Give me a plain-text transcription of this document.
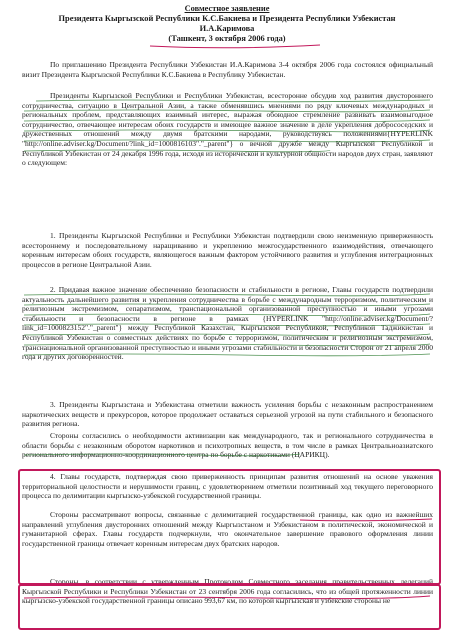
Совместное заявление
Президента Кыргызской Республики К.С.Бакиева и Президента Республики Узбекистан
И.А.Каримова
(Ташкент, 3 октября 2006 года)
По приглашению Президента Республики Узбекистан И.А.Каримова 3-4 октября 2006 года состоялся официальный визит Президента Кыргызской Республики К.С.Бакиева в Республику Узбекистан.
Президенты Кыргызской Республики и Республики Узбекистан, всесторонне обсудив ход развития двустороннего сотрудничества, ситуацию в Центральной Азии, а также обменявшись мнениями по ряду ключевых международных и региональных проблем, представляющих взаимный интерес, выражая обоюдное стремление развивать взаимовыгодное сотрудничество, отвечающее интересам обоих государств и имеющее важное значение в деле укрепления добрососедских и дружественных отношений между двумя братскими народами, руководствуясь положениями{HYPERLINK "http://online.adviser.kg/Document/?link_id=1000816103"."_parent"} о вечной дружбе между Кыргызской Республикой и Республикой Узбекистан от 24 декабря 1996 года, исходя из исторической и культурной общности народов двух стран, заявляют о следующем:
1. Президенты Кыргызской Республики и Республики Узбекистан подтвердили свою неизменную приверженность всестороннему и последовательному наращиванию и укреплению межгосударственного взаимодействия, отвечающего коренным интересам обоих государств, являющегося важным фактором устойчивого развития и углубления интеграционных процессов в регионе Центральной Азии.
2. Придавая важное значение обеспечению безопасности и стабильности в регионе, Главы государств подтвердили актуальность дальнейшего развития и укрепления сотрудничества в борьбе с международным терроризмом, политическим и религиозным экстремизмом, сепаратизмом, трансnациональной организованной преступностью и иными угрозами стабильности и безопасности в регионе в рамках {HYPERLINK "http://online.adviser.kg/Document/?link_id=1000823152"."_parent"} между Республикой Казахстан, Кыргызской Республикой, Республикой Таджикистан и Республикой Узбекистан о совместных действиях по борьбе с терроризмом, политическим и религиозным экстремизмом, транснациональной организованной преступностью и иными угрозами стабильности и безопасности Сторон от 21 апреля 2000 года и других договоренностей.
3. Президенты Кыргызстана и Узбекистана отметили важность усиления борьбы с незаконным распространением наркотических веществ и прекурсоров, которое продолжает оставаться серьезной угрозой на пути стабильного и безопасного развития региона.
Стороны согласились о необходимости активизации как международного, так и регионального сотрудничества в области борьбы с незаконным оборотом наркотиков и психотропных веществ, в том числе в рамках Центральноазиатского регионального информационно-координационного центра по борьбе с наркотиками (ЦАРИКЦ).
4. Главы государств, подтверждая свою приверженность принципам развития отношений на основе уважения территориальной целостности и нерушимости границ, с удовлетворением отметили позитивный ход текущего переговорного процесса по делимитации кыргызско-узбекской государственной границы.
Стороны рассматривают вопросы, связанные с делимитацией государственной границы, как одно из важнейших направлений углубления двусторонних отношений между Кыргызстаном и Узбекистаном в политической, экономической и гуманитарной сферах. Главы государств подчеркнули, что окончательное завершение правового оформления линии государственной границы отвечает коренным интересам двух братских народов.
Стороны, в соответствии с утвержденным Протоколом Совместного заседания правительственных делегаций Кыргызской Республики и Республики Узбекистан от 23 сентября 2006 года согласились, что из общей протяженности линии кыргызско-узбекской государственной границы описано 993,67 км, по которой кыргызская и узбекские стороны не
